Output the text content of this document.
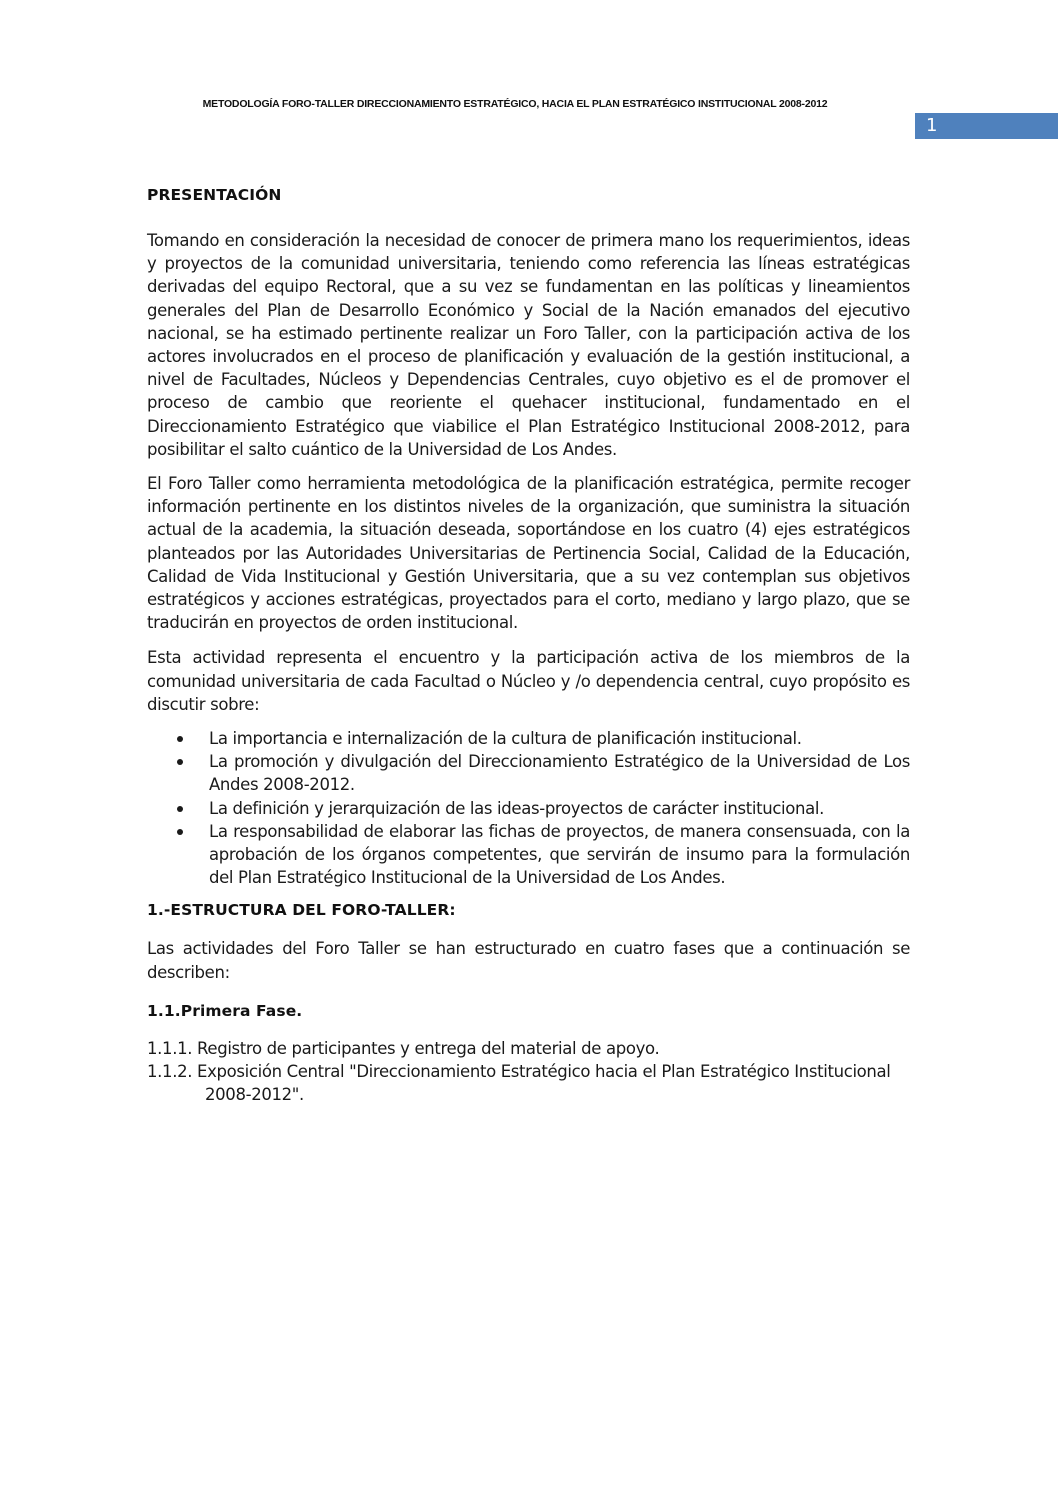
METODOLOGÍA FORO-TALLER DIRECCIONAMIENTO ESTRATÉGICO, HACIA EL PLAN ESTRATÉGICO INSTITUCIONAL 2008-2012
1

PRESENTACIÓN

Tomando en consideración la necesidad de conocer de primera mano los requerimientos, ideas y proyectos de la comunidad universitaria, teniendo como referencia las líneas estratégicas derivadas del equipo Rectoral, que a su vez se fundamentan en las políticas y lineamientos generales del Plan de Desarrollo Económico y Social de la Nación emanados del ejecutivo nacional, se ha estimado pertinente realizar un Foro Taller, con la participación activa de los actores involucrados en el proceso de planificación y evaluación de la gestión institucional, a nivel de Facultades, Núcleos y Dependencias Centrales, cuyo objetivo es el de promover el proceso de cambio que reoriente el quehacer institucional, fundamentado en el Direccionamiento Estratégico que viabilice el Plan Estratégico Institucional 2008-2012, para posibilitar el salto cuántico de la Universidad de Los Andes.

El Foro Taller como herramienta metodológica de la planificación estratégica, permite recoger información pertinente en los distintos niveles de la organización, que suministra la situación actual de la academia, la situación deseada, soportándose en los cuatro (4) ejes estratégicos planteados por las Autoridades Universitarias de Pertinencia Social, Calidad de la Educación, Calidad de Vida Institucional y Gestión Universitaria, que a su vez contemplan sus objetivos estratégicos y acciones estratégicas, proyectados para el corto, mediano y largo plazo, que se traducirán en proyectos de orden institucional.

Esta actividad representa el encuentro y la participación activa de los miembros de la comunidad universitaria de cada Facultad o Núcleo y /o dependencia central, cuyo propósito es discutir sobre:

La importancia e internalización de la cultura de planificación institucional.
La promoción y divulgación del Direccionamiento Estratégico de la Universidad de Los Andes 2008-2012.
La definición y jerarquización de las ideas-proyectos de carácter institucional.
La responsabilidad de elaborar las fichas de proyectos, de manera consensuada, con la aprobación de los órganos competentes, que servirán de insumo para la formulación del Plan Estratégico Institucional de la Universidad de Los Andes.

1.-ESTRUCTURA DEL FORO-TALLER:

Las actividades del Foro Taller se han estructurado en cuatro fases que a continuación se describen:

1.1.Primera Fase.

1.1.1. Registro de participantes y entrega del material de apoyo.

1.1.2. Exposición Central "Direccionamiento Estratégico hacia el Plan Estratégico Institucional

2008-2012".
